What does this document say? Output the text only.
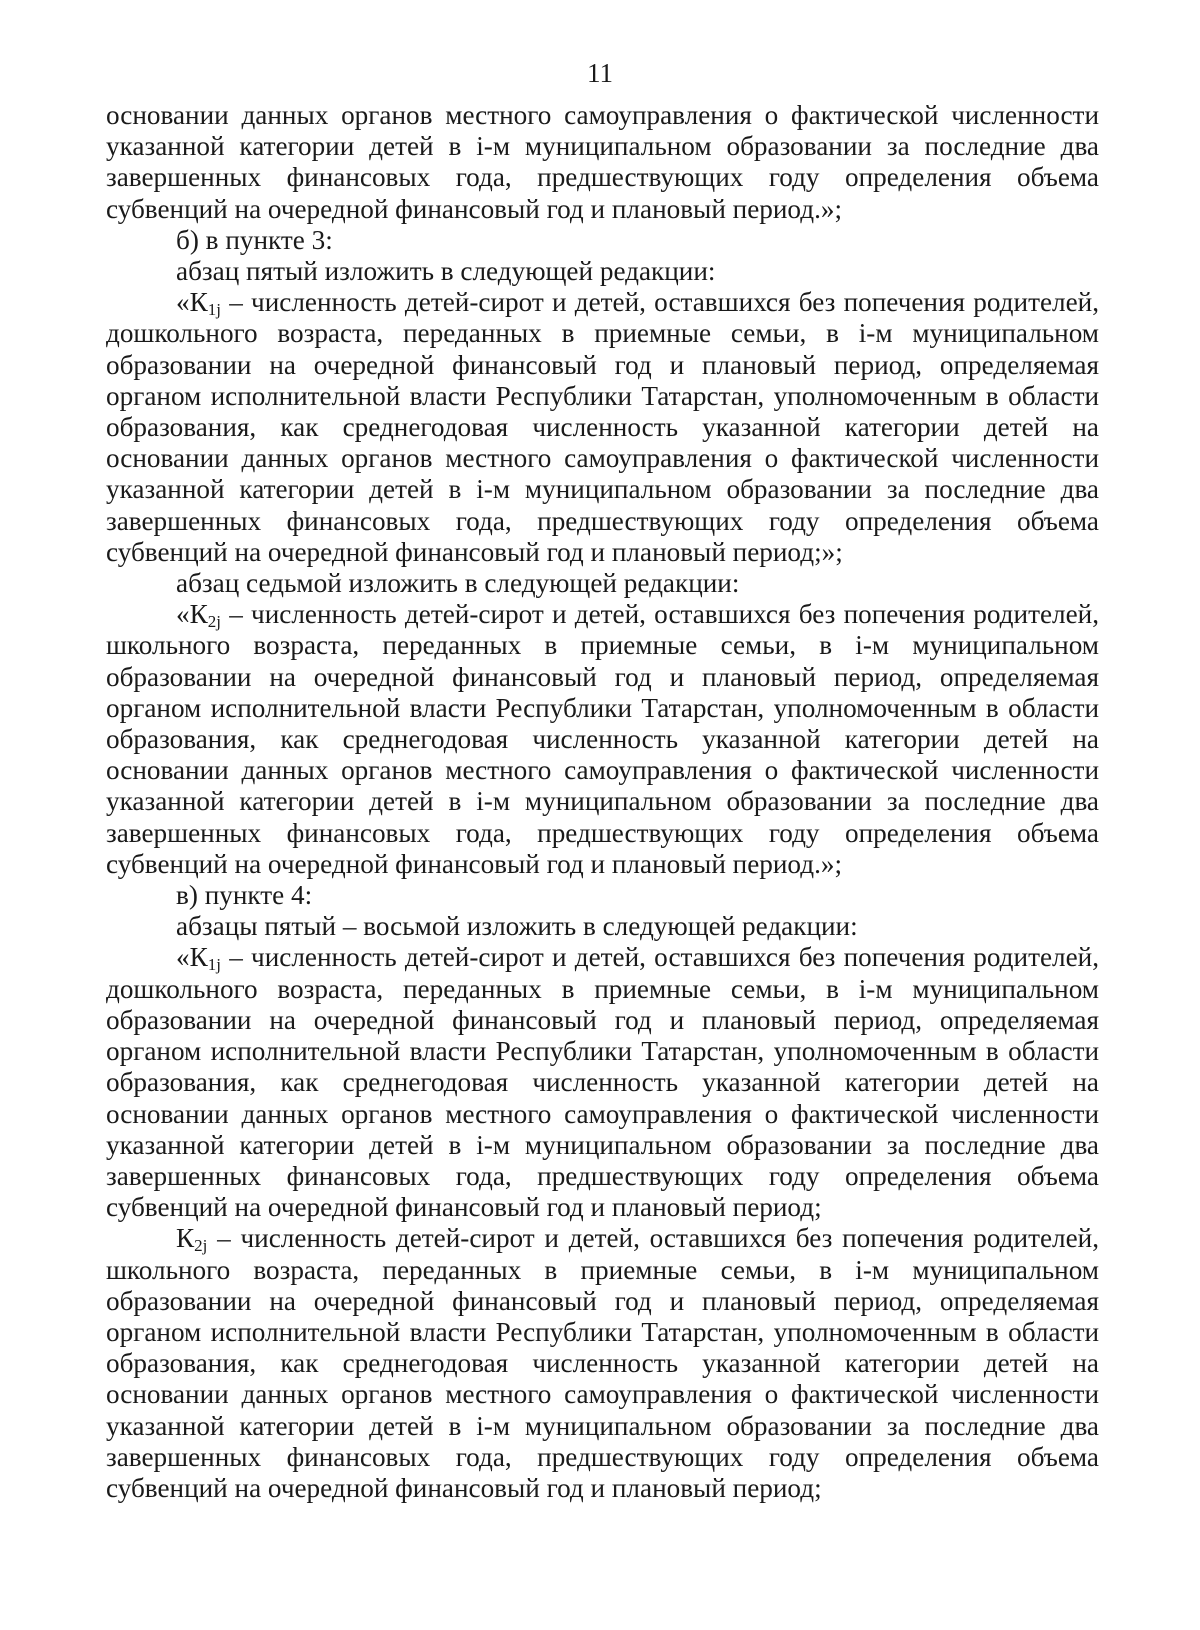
11

основании данных органов местного самоуправления о фактической численности указанной категории детей в i-м муниципальном образовании за последние два завершенных финансовых года, предшествующих году определения объема субвенций на очередной финансовый год и плановый период.»;

б) в пункте 3:

абзац пятый изложить в следующей редакции:

«$К_{1j}$ – численность детей-сирот и детей, оставшихся без попечения родителей, дошкольного возраста, переданных в приемные семьи, в i-м муниципальном образовании на очередной финансовый год и плановый период, определяемая органом исполнительной власти Республики Татарстан, уполномоченным в области образования, как среднегодовая численность указанной категории детей на основании данных органов местного самоуправления о фактической численности указанной категории детей в i-м муниципальном образовании за последние два завершенных финансовых года, предшествующих году определения объема субвенций на очередной финансовый год и плановый период;»;

абзац седьмой изложить в следующей редакции:

«$К_{2j}$ – численность детей-сирот и детей, оставшихся без попечения родителей, школьного возраста, переданных в приемные семьи, в i-м муниципальном образовании на очередной финансовый год и плановый период, определяемая органом исполнительной власти Республики Татарстан, уполномоченным в области образования, как среднегодовая численность указанной категории детей на основании данных органов местного самоуправления о фактической численности указанной категории детей в i-м муниципальном образовании за последние два завершенных финансовых года, предшествующих году определения объема субвенций на очередной финансовый год и плановый период.»;

в) пункте 4:

абзацы пятый – восьмой изложить в следующей редакции:

«$К_{1j}$ – численность детей-сирот и детей, оставшихся без попечения родителей, дошкольного возраста, переданных в приемные семьи, в i-м муниципальном образовании на очередной финансовый год и плановый период, определяемая органом исполнительной власти Республики Татарстан, уполномоченным в области образования, как среднегодовая численность указанной категории детей на основании данных органов местного самоуправления о фактической численности указанной категории детей в i-м муниципальном образовании за последние два завершенных финансовых года, предшествующих году определения объема субвенций на очередной финансовый год и плановый период;

$К_{2j}$ – численность детей-сирот и детей, оставшихся без попечения родителей, школьного возраста, переданных в приемные семьи, в i-м муниципальном образовании на очередной финансовый год и плановый период, определяемая органом исполнительной власти Республики Татарстан, уполномоченным в области образования, как среднегодовая численность указанной категории детей на основании данных органов местного самоуправления о фактической численности указанной категории детей в i-м муниципальном образовании за последние два завершенных финансовых года, предшествующих году определения объема субвенций на очередной финансовый год и плановый период;
